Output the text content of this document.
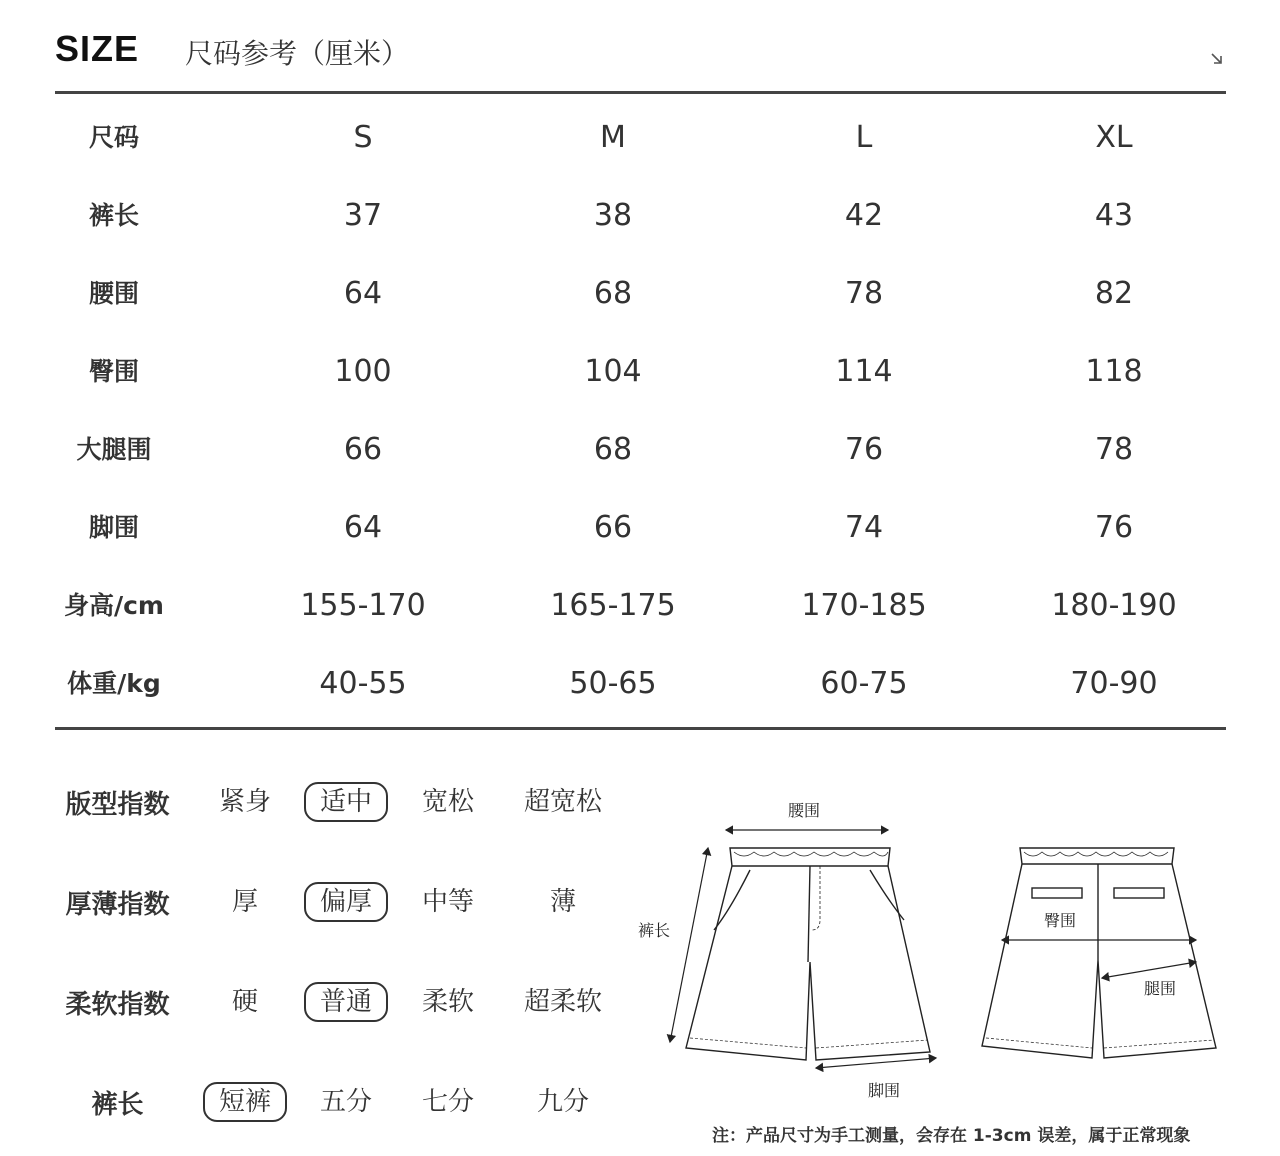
SIZE 尺码参考（厘米）
尺码	S	M	L	XL
裤长	37	38	42	43
腰围	64	68	78	82
臀围	100	104	114	118
大腿围	66	68	76	78
脚围	64	66	74	76
身高/cm	155-170	165-175	170-185	180-190
体重/kg	40-55	50-65	60-75	70-90
版型指数	紧身	适中	宽松	超宽松
厚薄指数	厚	偏厚	中等	薄
柔软指数	硬	普通	柔软	超柔软
裤长	短裤	五分	七分	九分
腰围
裤长
脚围
臀围
腿围
注：产品尺寸为手工测量，会存在 1-3cm 误差，属于正常现象
